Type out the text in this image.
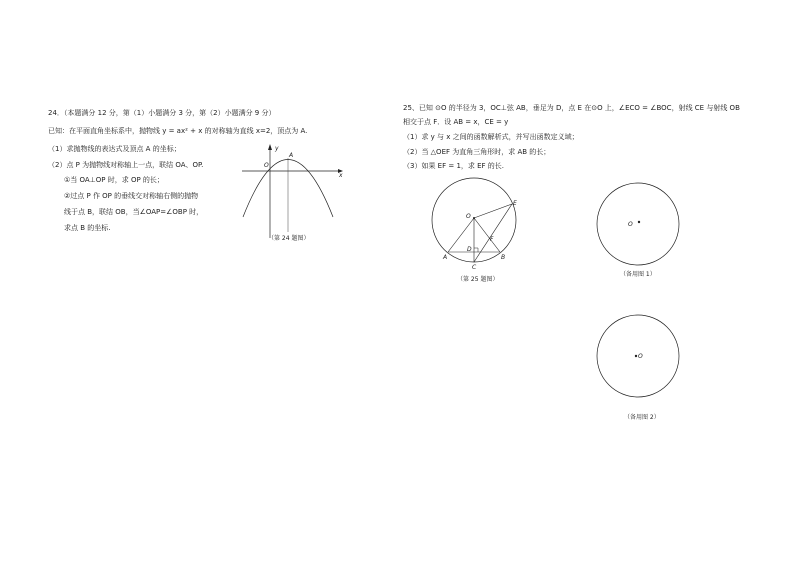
24．（本题满分 12 分，第（1）小题满分 3 分，第（2）小题满分 9 分）
已知：在平面直角坐标系中，抛物线 y = ax² + x 的对称轴为直线 x=2，顶点为 A.
（1）求抛物线的表达式及顶点 A 的坐标；
（2）点 P 为抛物线对称轴上一点，联结 OA、OP.
①当 OA⊥OP 时，求 OP 的长；
②过点 P 作 OP 的垂线交对称轴右侧的抛物
线于点 B，联结 OB，当∠OAP=∠OBP 时，
求点 B 的坐标.
y
x
O
A
（第 24 题图）
25、已知 ⊙O 的半径为 3，OC⊥弦 AB，垂足为 D，点 E 在⊙O 上，∠ECO = ∠BOC，射线 CE 与射线 OB
相交于点 F．设 AB = x，CE = y
（1）求 y 与 x 之间的函数解析式，并写出函数定义域；
（2）当 △OEF 为直角三角形时，求 AB 的长；
（3）如果 EF = 1，求 EF 的长.
O
E
F
D
A	B
C
（第 25 题图）
O
（备用图 1）
O
（备用图 2）
